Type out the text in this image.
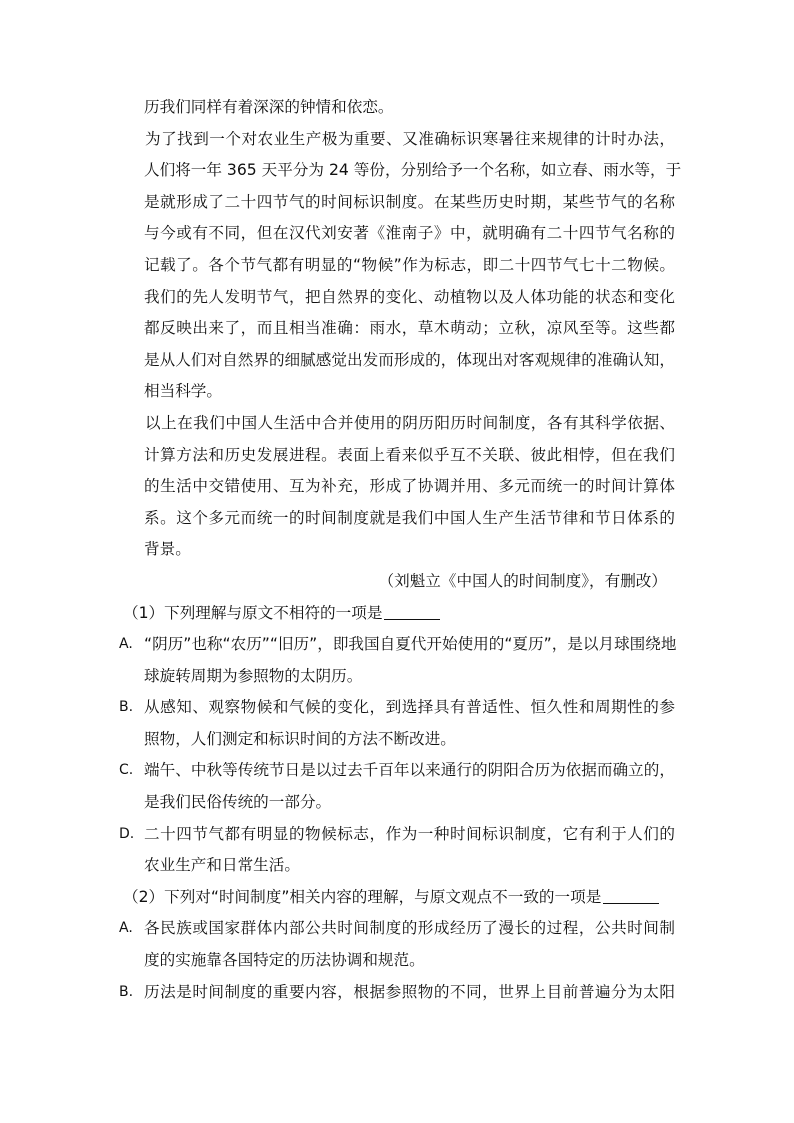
历我们同样有着深深的钟情和依恋。
为了找到一个对农业生产极为重要、又准确标识寒暑往来规律的计时办法，
人们将一年 365 天平分为 24 等份，分别给予一个名称，如立春、雨水等，于
是就形成了二十四节气的时间标识制度。在某些历史时期，某些节气的名称
与今或有不同，但在汉代刘安著《淮南子》中，就明确有二十四节气名称的
记载了。各个节气都有明显的“物候”作为标志，即二十四节气七十二物候。
我们的先人发明节气，把自然界的变化、动植物以及人体功能的状态和变化
都反映出来了，而且相当准确：雨水，草木萌动；立秋，凉风至等。这些都
是从人们对自然界的细腻感觉出发而形成的，体现出对客观规律的准确认知，
相当科学。
以上在我们中国人生活中合并使用的阴历阳历时间制度，各有其科学依据、
计算方法和历史发展进程。表面上看来似乎互不关联、彼此相悖，但在我们
的生活中交错使用、互为补充，形成了协调并用、多元而统一的时间计算体
系。这个多元而统一的时间制度就是我们中国人生产生活节律和节日体系的
背景。
（刘魁立《中国人的时间制度》，有删改）
（1）下列理解与原文不相符的一项是
A. “阴历”也称“农历”“旧历”，即我国自夏代开始使用的“夏历”，是以月球围绕地
球旋转周期为参照物的太阴历。
B. 从感知、观察物候和气候的变化，到选择具有普适性、恒久性和周期性的参
照物，人们测定和标识时间的方法不断改进。
C. 端午、中秋等传统节日是以过去千百年以来通行的阴阳合历为依据而确立的，
是我们民俗传统的一部分。
D. 二十四节气都有明显的物候标志，作为一种时间标识制度，它有利于人们的
农业生产和日常生活。
（2）下列对“时间制度”相关内容的理解，与原文观点不一致的一项是
A. 各民族或国家群体内部公共时间制度的形成经历了漫长的过程，公共时间制
度的实施靠各国特定的历法协调和规范。
B. 历法是时间制度的重要内容，根据参照物的不同，世界上目前普遍分为太阳
